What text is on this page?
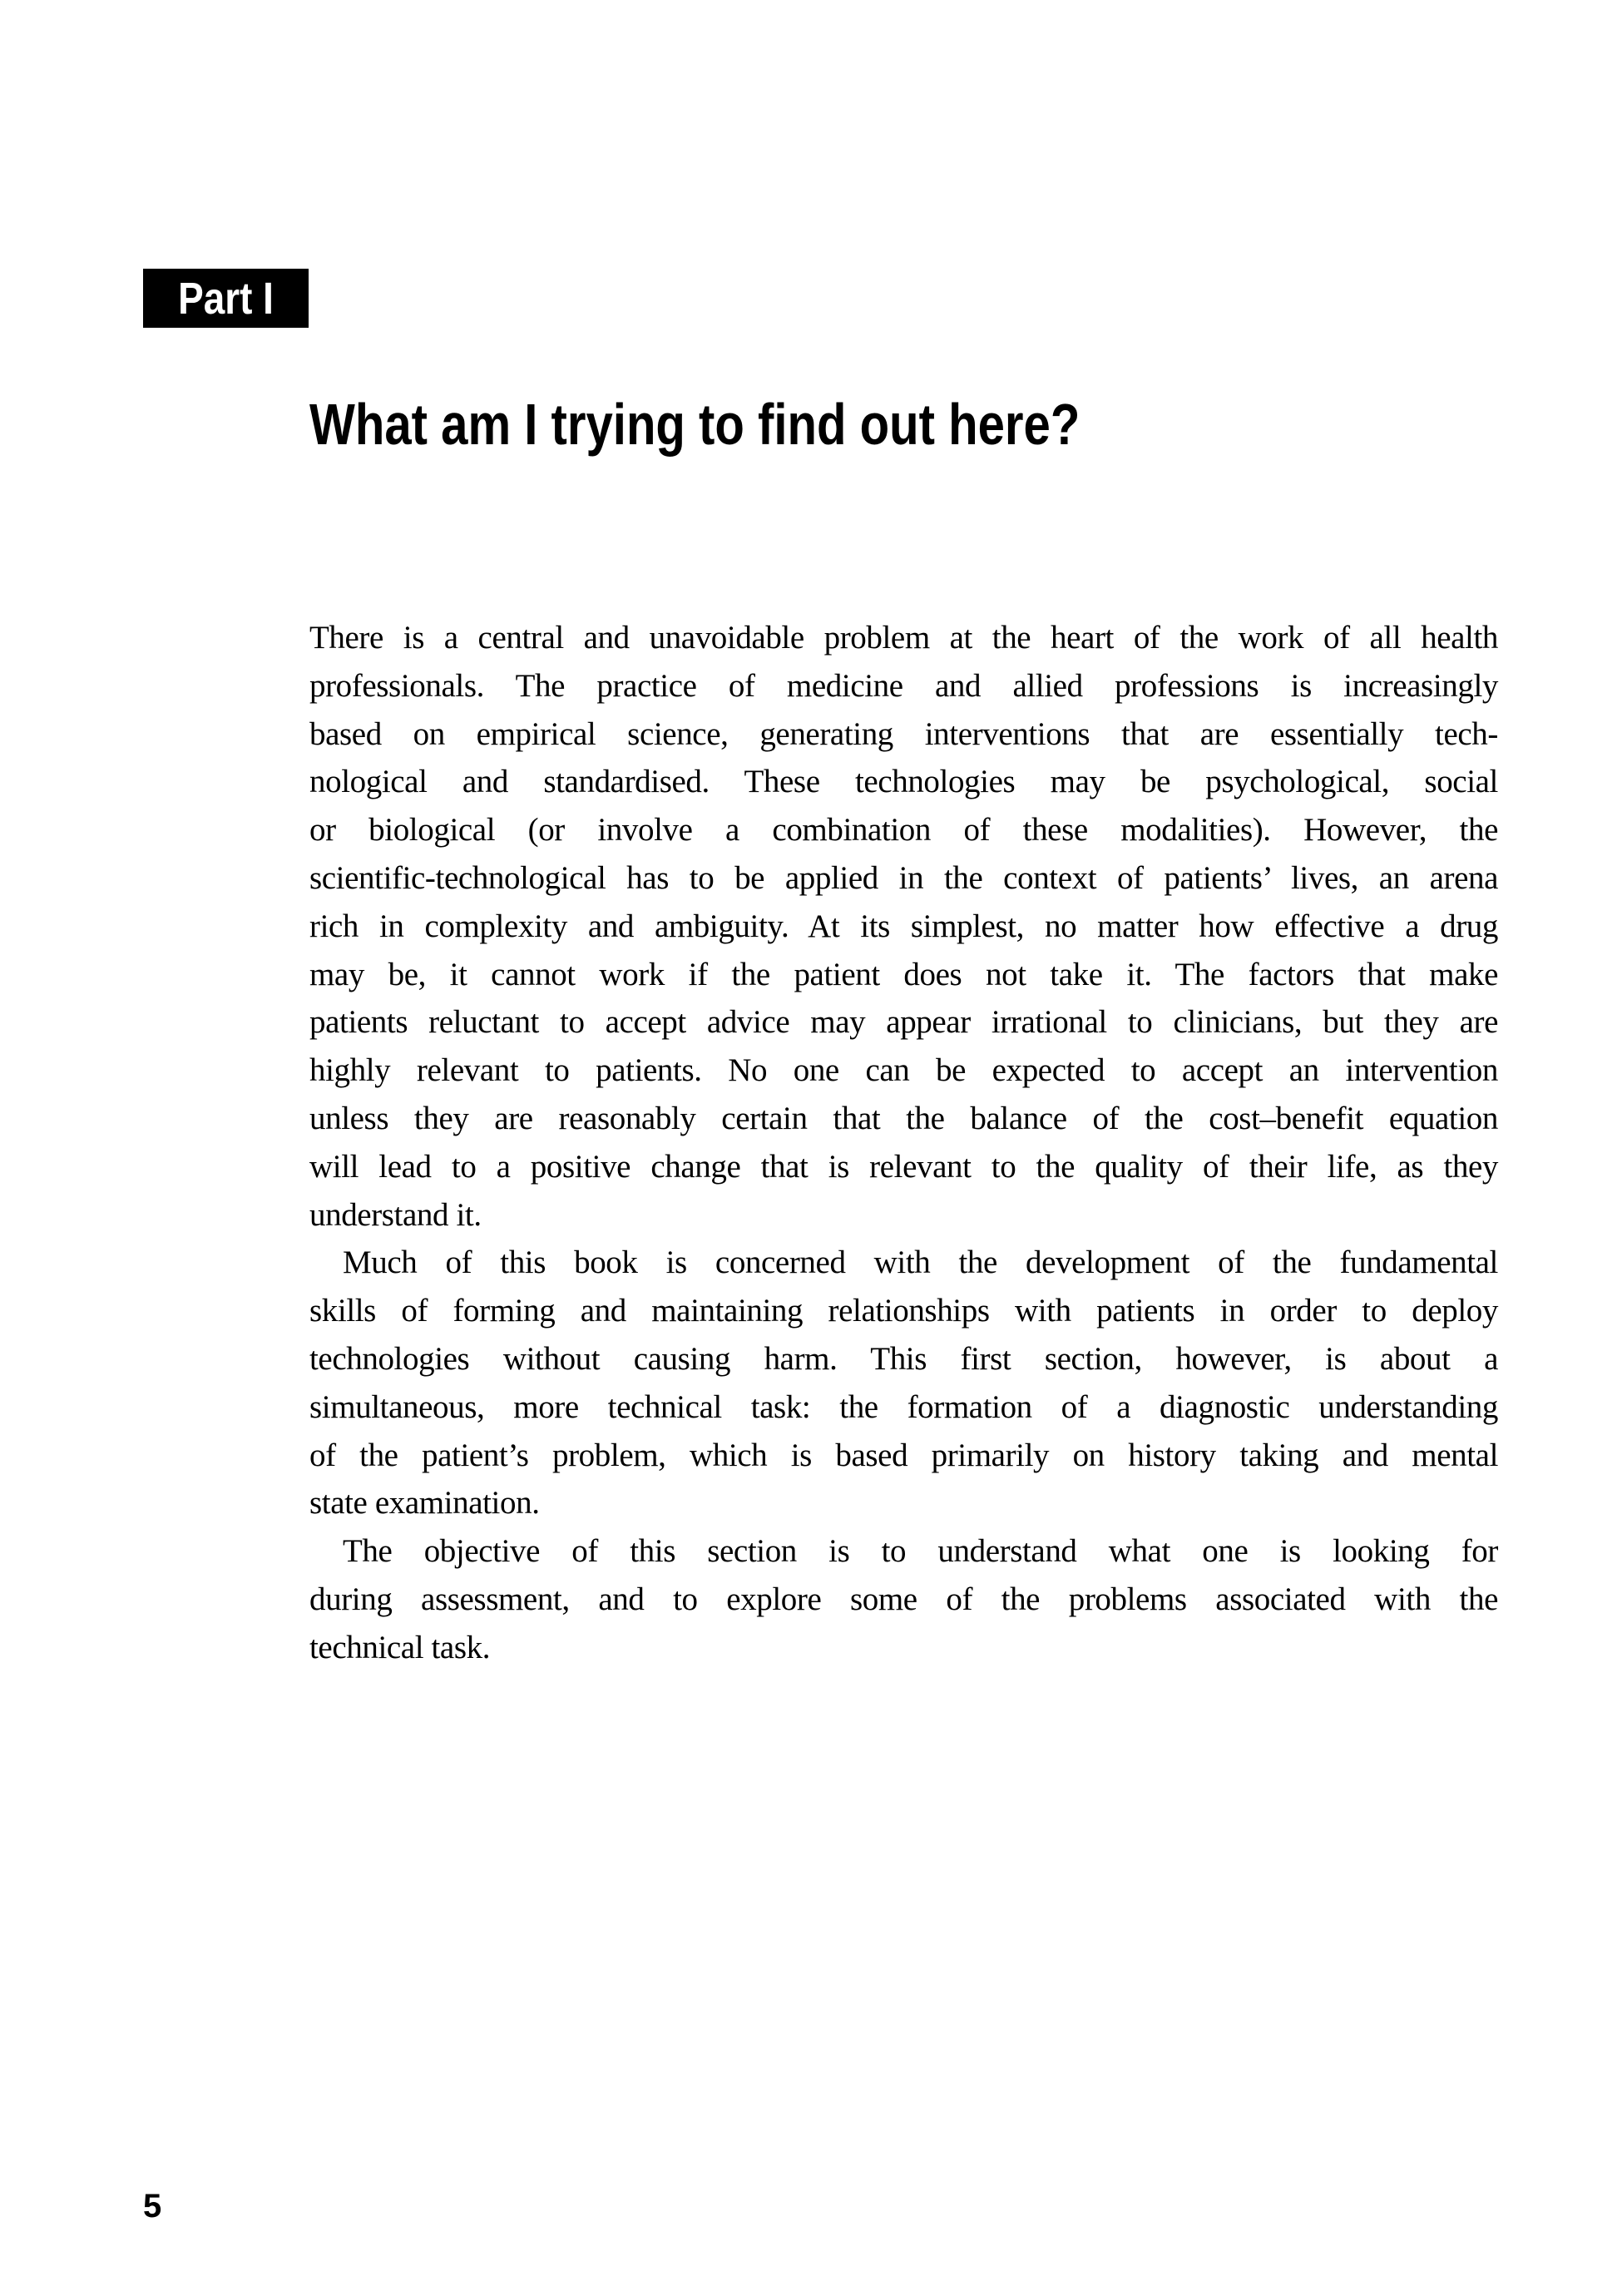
Part I
What am I trying to find out here?
There is a central and unavoidable problem at the heart of the work of all health
professionals. The practice of medicine and allied professions is increasingly
based on empirical science, generating interventions that are essentially tech-
nological and standardised. These technologies may be psychological, social
or biological (or involve a combination of these modalities). However, the
scientific-technological has to be applied in the context of patients’ lives, an arena
rich in complexity and ambiguity. At its simplest, no matter how effective a drug
may be, it cannot work if the patient does not take it. The factors that make
patients reluctant to accept advice may appear irrational to clinicians, but they are
highly relevant to patients. No one can be expected to accept an intervention
unless they are reasonably certain that the balance of the cost–benefit equation
will lead to a positive change that is relevant to the quality of their life, as they
understand it.
Much of this book is concerned with the development of the fundamental
skills of forming and maintaining relationships with patients in order to deploy
technologies without causing harm. This first section, however, is about a
simultaneous, more technical task: the formation of a diagnostic understanding
of the patient’s problem, which is based primarily on history taking and mental
state examination.
The objective of this section is to understand what one is looking for
during assessment, and to explore some of the problems associated with the
technical task.
5
